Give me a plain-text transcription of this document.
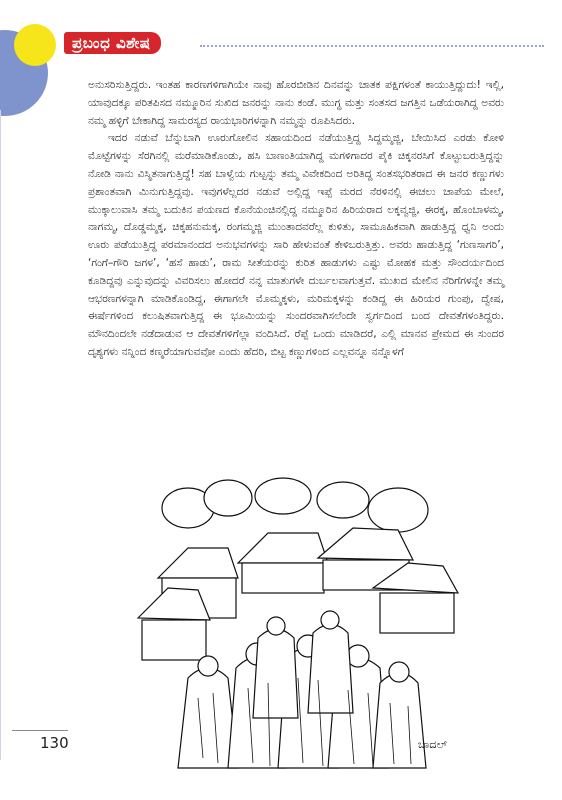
ಪ್ರಬಂಧ ವಿಶೇಷ

ಅನುಸರಿಸುತ್ತಿದ್ದರು. ಇಂತಹ ಕಾರಣಗಳಿಗಾಗಿಯೇ ನಾವು ಹೊರಬೀಡಿನ ದಿನವನ್ನು ಚಾತಕ ಪಕ್ಷಿಗಳಂತೆ ಕಾಯುತ್ತಿದ್ದುದು! ಇಲ್ಲಿ, ಯಾವುದಕ್ಕೂ ಪರಿತಪಿಸದ ನಮ್ಮೂರಿನ ಸುಖಿದ ಜನರನ್ನು ನಾನು ಕಂಡೆ. ಮುಗ್ಧ ಮತ್ತು ಸಂತಸದ ಜಗತ್ತಿನ ಒಡೆಯರಾಗಿದ್ದ ಅವರು ನಮ್ಮ ಹಳ್ಳಿಗೆ ಬೇಕಾಗಿದ್ದ ಸಾಮರಸ್ಯದ ರಾಯಭಾರಿಗಳನ್ನಾಗಿ ನಮ್ಮನ್ನು ರೂಪಿಸಿದರು.

ಇದರ ನಡುವೆ ಬೆನ್ನುಬಾಗಿ ಊರುಗೋಲಿನ ಸಹಾಯದಿಂದ ನಡೆಯುತ್ತಿದ್ದ ಸಿದ್ದಮ್ಮಜ್ಜಿ, ಬೇಯಿಸಿದ ಎರಡು ಕೋಳಿ ಮೊಟ್ಟೆಗಳನ್ನು ಸೆರಗಿನಲ್ಲಿ ಮರೆಮಾಡಿಕೊಂಡು, ಹಸಿ ಬಾಣಂತಿಯಾಗಿದ್ದ ಮಗಳಿಗಾದರ ಪೈಕಿ ಚಿಕ್ಕನರಸಿಗೆ ಕೊಟ್ಟುಬರುತ್ತಿದ್ದನ್ನು ನೋಡಿ ನಾನು ವಿಸ್ಮಿತನಾಗುತ್ತಿದ್ದೆ! ಸಹ ಬಾಳ್ವೆಯ ಗುಟ್ಟನ್ನು ತಮ್ಮ ವಿವೇಕದಿಂದ ಅರಿತಿದ್ದ ಸಂತಸಭರಿತರಾದ ಈ ಜನರ ಕಣ್ಣುಗಳು ಪ್ರಶಾಂತವಾಗಿ ಮಿನುಗುತ್ತಿದ್ದವು. ಇವುಗಳೆಲ್ಲದರ ನಡುವೆ ಅಲ್ಲಿದ್ದ ಇಪ್ಪೆ ಮರದ ನೆರಳಿನಲ್ಲಿ ಈಚಲು ಚಾಪೆಯ ಮೇಲೆ, ಮುಕ್ಕಾಲುವಾಸಿ ತಮ್ಮ ಬದುಕಿನ ಪಯಣದ ಕೊನೆಯಂಚಿನಲ್ಲಿದ್ದ ನಮ್ಮೂರಿನ ಹಿರಿಯರಾದ ಲಕ್ಕವ್ವಜ್ಜಿ, ಈರಕ್ಕ, ಹೊಂಬಾಳಮ್ಮ, ನಾಗಮ್ಮ, ದೊಡ್ಡಮ್ಮಕ್ಕ, ಚಿಕ್ಕಹನುಮಕ್ಕ, ರಂಗಮ್ಮಜ್ಜಿ ಮುಂತಾದವರೆಲ್ಲ ಕುಳಿತು, ಸಾಮೂಹಿಕವಾಗಿ ಹಾಡುತ್ತಿದ್ದ ಧ್ವನಿ ಅಂದು ಊರು ಪಡೆಯುತ್ತಿದ್ದ ಪರಮಾನಂದದ ಅನುಭವಗಳನ್ನು ಸಾರಿ ಹೇಳುವಂತೆ ಕೇಳಿಬರುತ್ತಿತ್ತು. ಅವರು ಹಾಡುತ್ತಿದ್ದ ‘ಗುಣಸಾಗರಿ’, ‘ಗಂಗೆ–ಗೌರಿ ಜಗಳ’, ‘ಹಸೆ ಹಾಡು’, ರಾಮ ಸೀತೆಯರನ್ನು ಕುರಿತ ಹಾಡುಗಳು ಎಷ್ಟು ಮೋಹಕ ಮತ್ತು ಸೌಂದರ್ಯದಿಂದ ಕೂಡಿದ್ದವು ಎನ್ನುವುದನ್ನು ವಿವರಿಸಲು ಹೋದರೆ ನನ್ನ ಮಾತುಗಳೇ ದುರ್ಬಲವಾಗುತ್ತವೆ. ಮುಖದ ಮೇಲಿನ ನೆರಿಗೆಗಳನ್ನೇ ತಮ್ಮ ಆಭರಣಗಳನ್ನಾಗಿ ಮಾಡಿಕೊಂಡಿದ್ದ, ಈಗಾಗಲೇ ಮೊಮ್ಮಕ್ಕಳು, ಮರಿಮಕ್ಕಳನ್ನು ಕಂಡಿದ್ದ ಈ ಹಿರಿಯರ ಗುಂಪು, ದ್ವೇಷ, ಈರ್ಷೆಗಳಿಂದ ಕಲುಷಿತವಾಗುತ್ತಿದ್ದ ಈ ಭೂಮಿಯನ್ನು ಸುಂದರವಾಗಿಸಲೆಂದೇ ಸ್ವರ್ಗದಿಂದ ಬಂದ ದೇವತೆಗಳಂತಿದ್ದರು. ಮೌನದಿಂದಲೇ ನಡೆದಾಡುವ ಆ ದೇವತೆಗಳಿಗೆಲ್ಲಾ ವಂದಿಸಿದೆ. ರೆಪ್ಪೆ ಒಂದು ಮಾಡಿದರೆ, ಎಲ್ಲಿ ಮಾನವ ಪ್ರೇಮದ ಈ ಸುಂದರ ದೃಶ್ಯಗಳು ನನ್ನಿಂದ ಕಣ್ಮರೆಯಾಗುವವೋ ಎಂದು ಹೆದರಿ, ಬಿಟ್ಟ ಕಣ್ಣುಗಳಿಂದ ಎಲ್ಲವನ್ನೂ ನನ್ನೊಳಗೆ

ಬಾದಲ್
130
